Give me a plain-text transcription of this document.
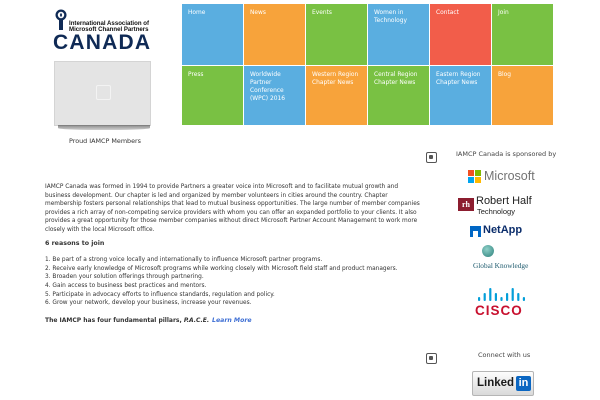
International Association of
Microsoft Channel Partners
CANADA
Proud IAMCP Members
Home	News	Events	Women in Technology
Contact	Join
Press	Worldwide Partner Conference (WPC) 2016
Western Region Chapter News
Central Region Chapter News
Eastern Region Chapter News
Blog

IAMCP Canada was formed in 1994 to provide Partners a greater voice into Microsoft and to facilitate mutual growth and business development. Our chapter is led and organized by member volunteers in cities around the country. Chapter membership fosters personal relationships that lead to mutual business opportunities. The large number of member companies provides a rich array of non-competing service providers with whom you can offer an expanded portfolio to your clients. It also provides a great opportunity for those member companies without direct Microsoft Partner Account Management to work more closely with the local Microsoft office.

6 reasons to join
1. Be part of a strong voice locally and internationally to influence Microsoft partner programs.
2. Receive early knowledge of Microsoft programs while working closely with Microsoft field staff and product managers.
3. Broaden your solution offerings through partnering.
4. Gain access to business best practices and mentors.
5. Participate in advocacy efforts to influence standards, regulation and policy.
6. Grow your network, develop your business, increase your revenues.
The IAMCP has four fundamental pillars, P.A.C.E. Learn More
IAMCP Canada is sponsored by
Microsoft
rh Robert Half
Technology
NetApp
Global Knowledge
CISCO
Connect with us
Linked in
